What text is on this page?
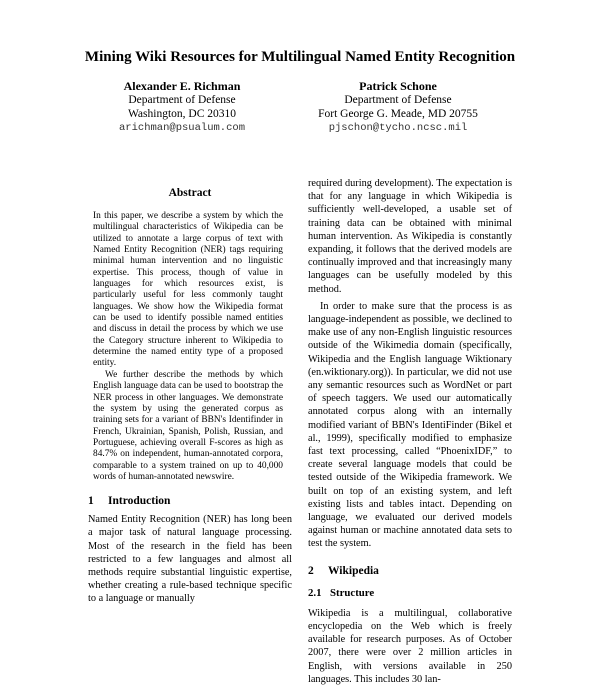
Mining Wiki Resources for Multilingual Named Entity Recognition
Alexander E. Richman
Department of Defense
Washington, DC 20310
arichman@psualum.com
Patrick Schone
Department of Defense
Fort George G. Meade, MD 20755
pjschon@tycho.ncsc.mil
Abstract

In this paper, we describe a system by which the multilingual characteristics of Wikipedia can be utilized to annotate a large corpus of text with Named Entity Recognition (NER) tags requiring minimal human intervention and no linguistic expertise. This process, though of value in languages for which resources exist, is particularly useful for less commonly taught languages. We show how the Wikipedia format can be used to identify possible named entities and discuss in detail the process by which we use the Category structure inherent to Wikipedia to determine the named entity type of a proposed entity.

We further describe the methods by which English language data can be used to bootstrap the NER process in other languages. We demonstrate the system by using the generated corpus as training sets for a variant of BBN's Identifinder in French, Ukrainian, Spanish, Polish, Russian, and Portuguese, achieving overall F-scores as high as 84.7% on independent, human-annotated corpora, comparable to a system trained on up to 40,000 words of human-annotated newswire.

1 Introduction

Named Entity Recognition (NER) has long been a major task of natural language processing. Most of the research in the field has been restricted to a few languages and almost all methods require substantial linguistic expertise, whether creating a rule-based technique specific to a language or manually

required during development). The expectation is that for any language in which Wikipedia is sufficiently well-developed, a usable set of training data can be obtained with minimal human intervention. As Wikipedia is constantly expanding, it follows that the derived models are continually improved and that increasingly many languages can be usefully modeled by this method.

In order to make sure that the process is as language-independent as possible, we declined to make use of any non-English linguistic resources outside of the Wikimedia domain (specifically, Wikipedia and the English language Wiktionary (en.wiktionary.org)). In particular, we did not use any semantic resources such as WordNet or part of speech taggers. We used our automatically annotated corpus along with an internally modified variant of BBN's IdentiFinder (Bikel et al., 1999), specifically modified to emphasize fast text processing, called “PhoenixIDF,” to create several language models that could be tested outside of the Wikipedia framework. We built on top of an existing system, and left existing lists and tables intact. Depending on language, we evaluated our derived models against human or machine annotated data sets to test the system.

2 Wikipedia
2.1 Structure

Wikipedia is a multilingual, collaborative encyclopedia on the Web which is freely available for research purposes. As of October 2007, there were over 2 million articles in English, with versions available in 250 languages. This includes 30 lan-
